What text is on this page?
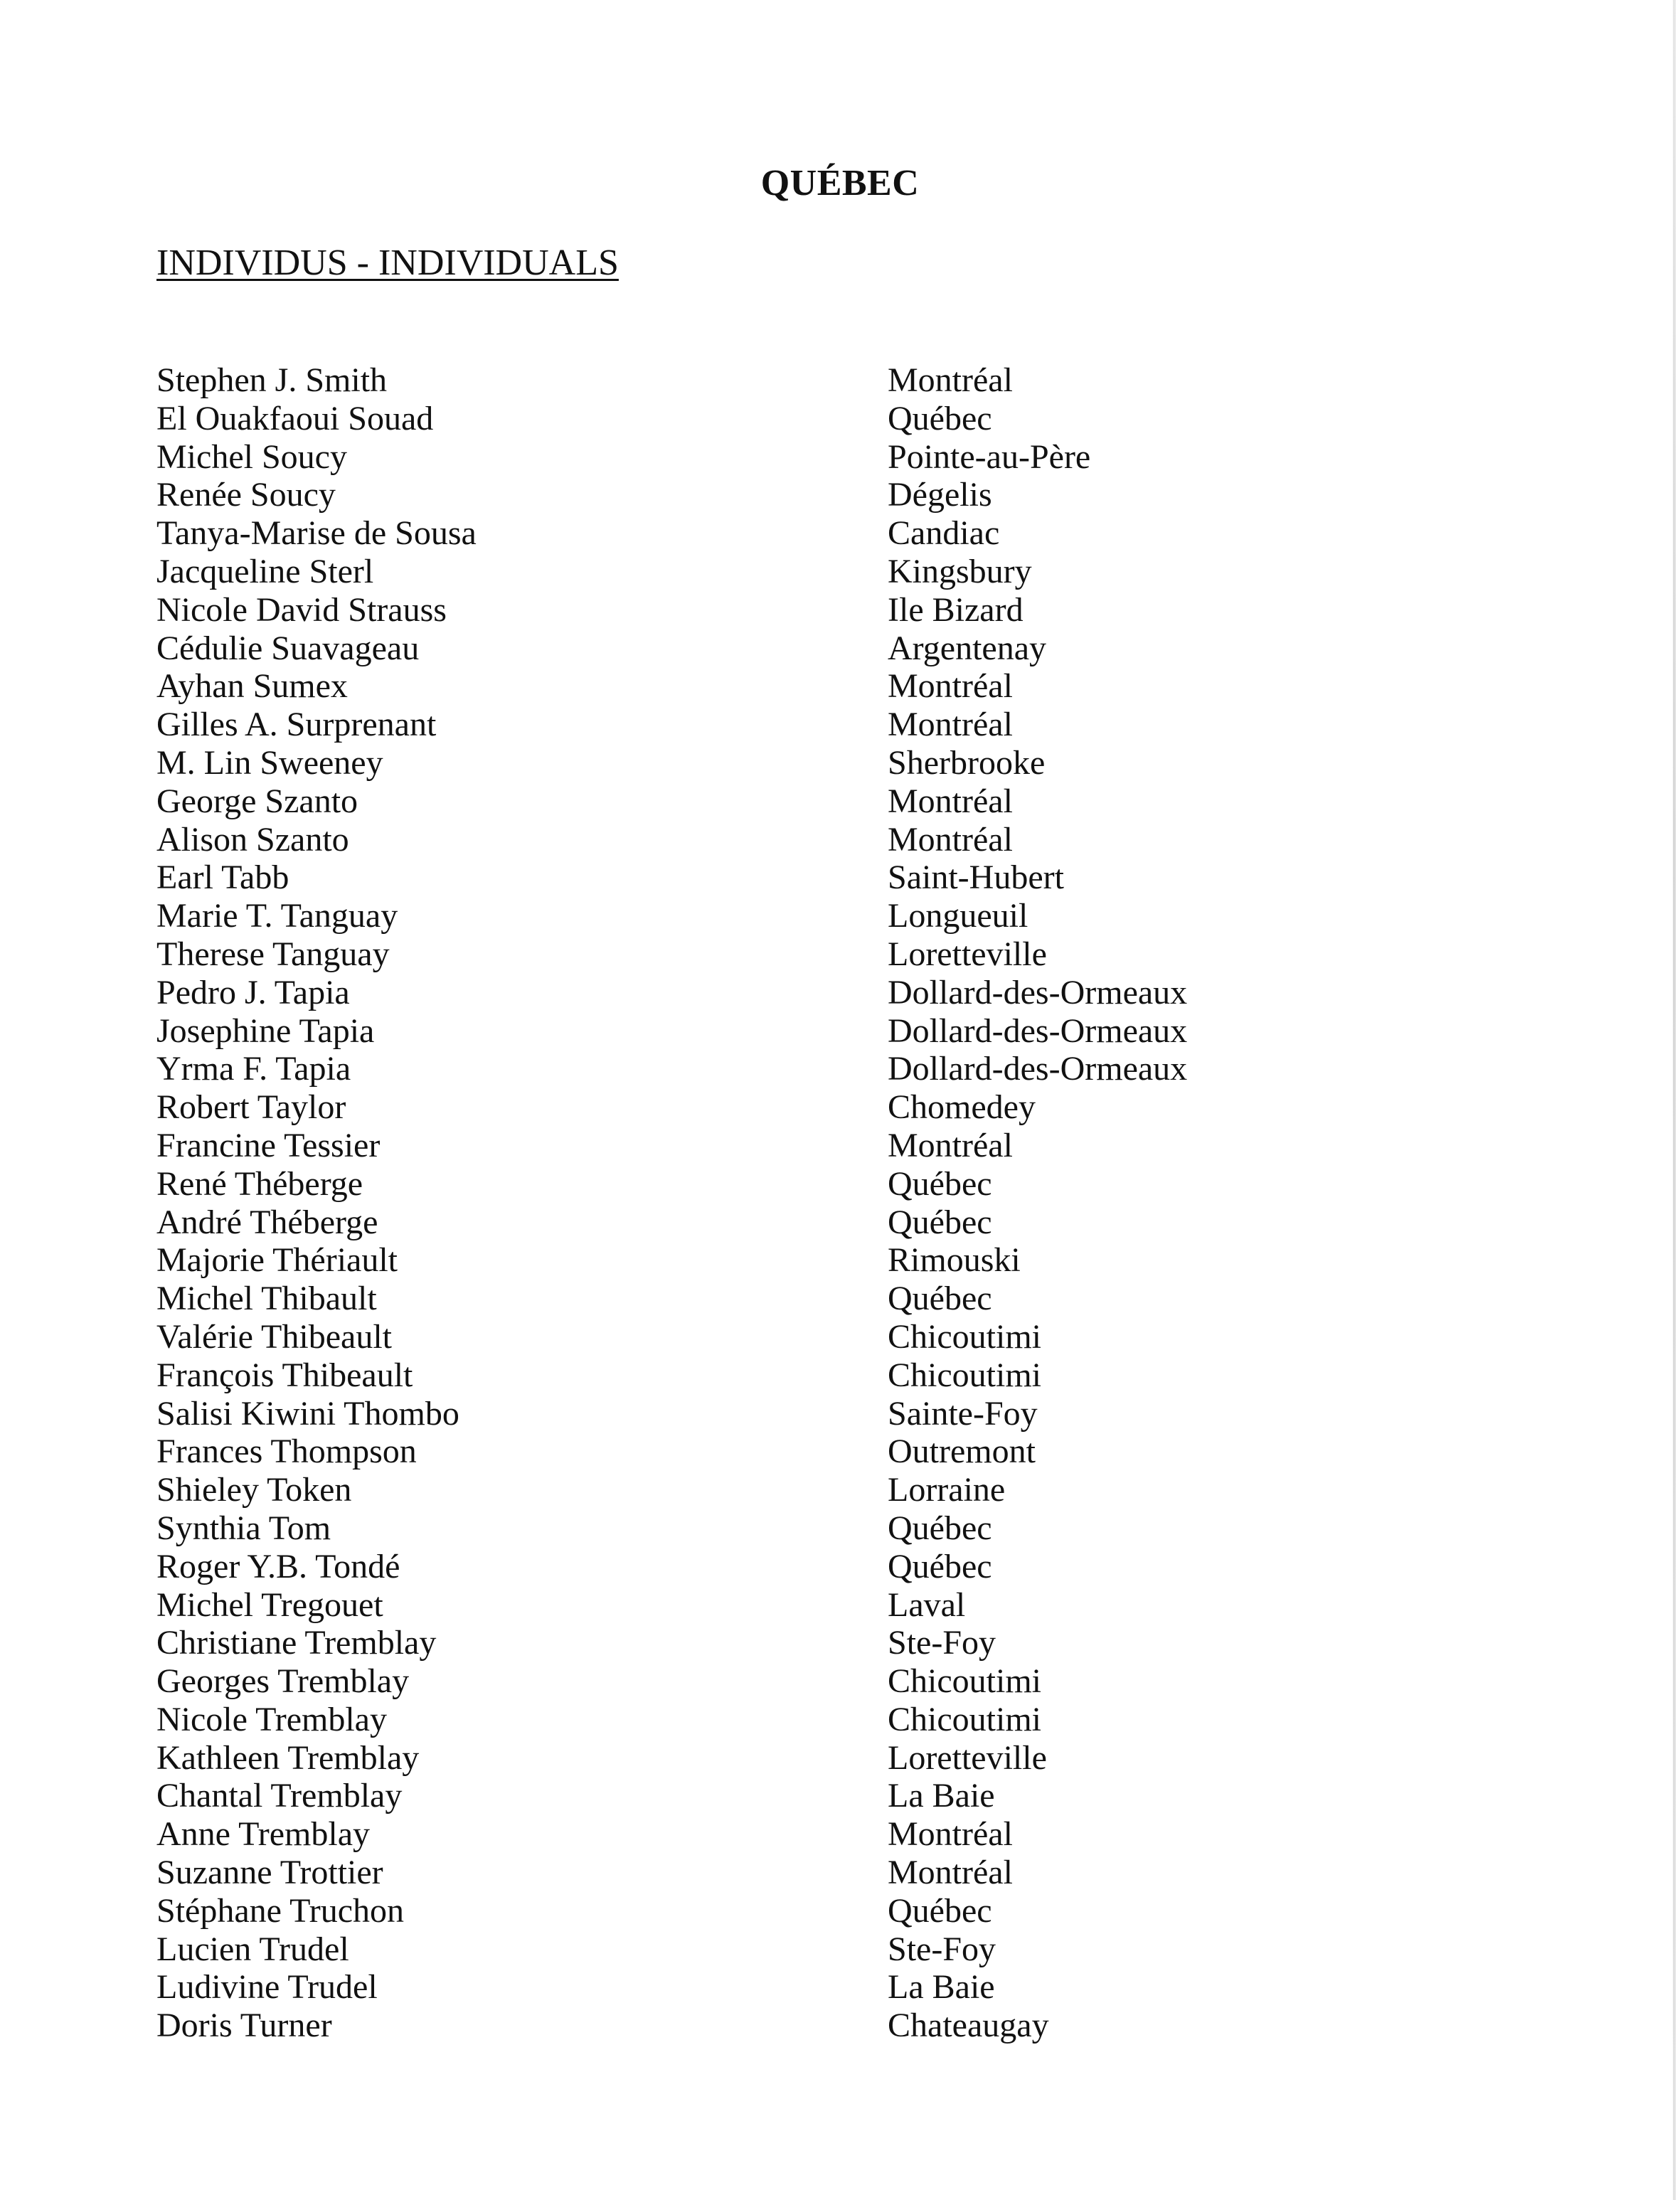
QUÉBEC
INDIVIDUS - INDIVIDUALS
Stephen J. Smith	Montréal
El Ouakfaoui Souad	Québec
Michel Soucy	Pointe-au-Père
Renée Soucy	Dégelis
Tanya-Marise de Sousa	Candiac
Jacqueline Sterl	Kingsbury
Nicole David Strauss	Ile Bizard
Cédulie Suavageau	Argentenay
Ayhan Sumex	Montréal
Gilles A. Surprenant	Montréal
M. Lin Sweeney	Sherbrooke
George Szanto	Montréal
Alison Szanto	Montréal
Earl Tabb	Saint-Hubert
Marie T. Tanguay	Longueuil
Therese Tanguay	Loretteville
Pedro J. Tapia	Dollard-des-Ormeaux
Josephine Tapia	Dollard-des-Ormeaux
Yrma F. Tapia	Dollard-des-Ormeaux
Robert Taylor	Chomedey
Francine Tessier	Montréal
René Théberge	Québec
André Théberge	Québec
Majorie Thériault	Rimouski
Michel Thibault	Québec
Valérie Thibeault	Chicoutimi
François Thibeault	Chicoutimi
Salisi Kiwini Thombo	Sainte-Foy
Frances Thompson	Outremont
Shieley Token	Lorraine
Synthia Tom	Québec
Roger Y.B. Tondé	Québec
Michel Tregouet	Laval
Christiane Tremblay	Ste-Foy
Georges Tremblay	Chicoutimi
Nicole Tremblay	Chicoutimi
Kathleen Tremblay	Loretteville
Chantal Tremblay	La Baie
Anne Tremblay	Montréal
Suzanne Trottier	Montréal
Stéphane Truchon	Québec
Lucien Trudel	Ste-Foy
Ludivine Trudel	La Baie
Doris Turner	Chateaugay
